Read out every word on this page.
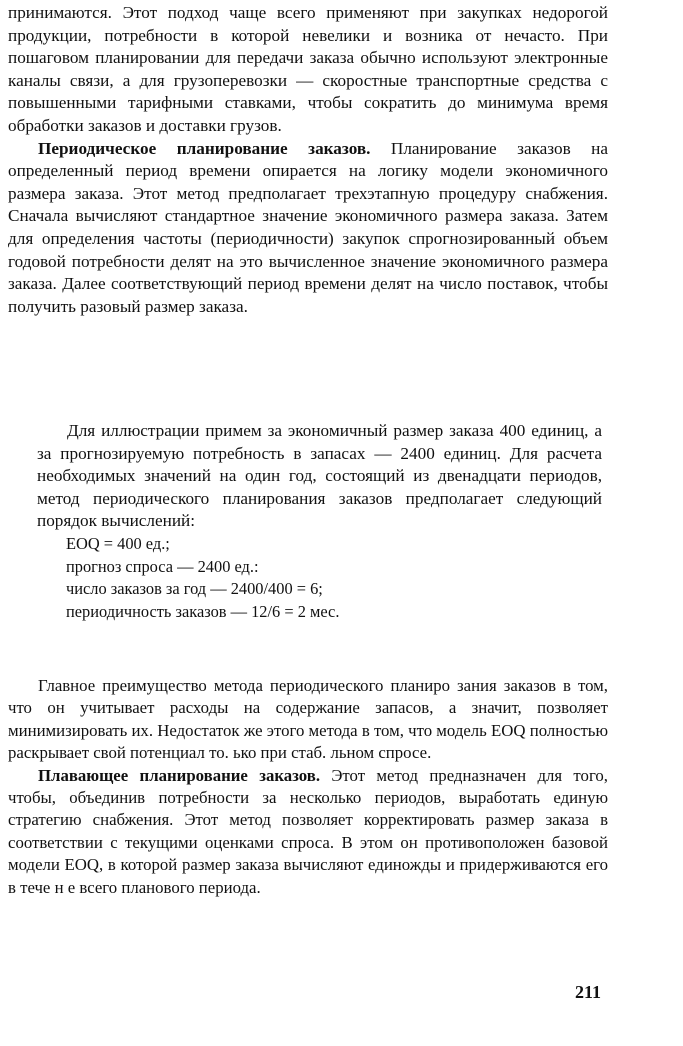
принимаются. Этот подход чаще всего применяют при закупках недорогой продукции, потребности в которой невелики и возника от нечасто. При пошаговом планировании для передачи заказа обычно используют электронные каналы связи, а для грузоперевозки — скоростные транспортные средства с повышенными тарифными ставками, чтобы сократить до минимума время обработки заказов и доставки грузов.

Периодическое планирование заказов. Планирование заказов на определенный период времени опирается на логику модели экономичного размера заказа. Этот метод предполагает трехэтапную процедуру снабжения. Сначала вычисляют стандартное значение экономичного размера заказа. Затем для определения частоты (периодичности) закупок спрогнозированный объем годовой потребности делят на это вычисленное значение экономичного размера заказа. Далее соответствующий период времени делят на число поставок, чтобы получить разовый размер заказа.

Для иллюстрации примем за экономичный размер заказа 400 единиц, а за прогнозируемую потребность в запасах — 2400 единиц. Для расчета необходимых значений на один год, состоящий из двенадцати периодов, метод периодического планирования заказов предполагает следующий порядок вычислений:

EOQ = 400 ед.;
прогноз спроса — 2400 ед.:
число заказов за год — 2400/400 = 6;
периодичность заказов — 12/6 = 2 мес.

Главное преимущество метода периодического планиро зания заказов в том, что он учитывает расходы на содержание запасов, а значит, позволяет минимизировать их. Недостаток же этого метода в том, что модель EOQ полностью раскрывает свой потенциал то. ько при стаб. льном спросе.

Плавающее планирование заказов. Этот метод предназначен для того, чтобы, объединив потребности за несколько периодов, выработать единую стратегию снабжения. Этот метод позволяет корректировать размер заказа в соответствии с текущими оценками спроса. В этом он противоположен базовой модели EOQ, в которой размер заказа вычисляют единожды и придерживаются его в тече н е всего планового периода.

211
